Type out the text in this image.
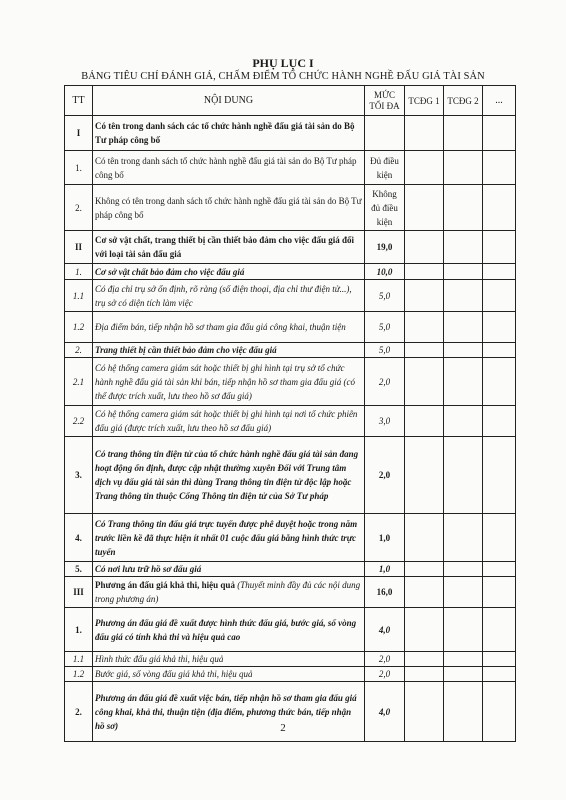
PHỤ LỤC I
BẢNG TIÊU CHÍ ĐÁNH GIÁ, CHẤM ĐIỂM TỔ CHỨC HÀNH NGHỀ ĐẤU GIÁ TÀI SẢN
TT	NỘI DUNG	MỨC TỐI ĐA	TCĐG 1	TCĐG 2	...
I	Có tên trong danh sách các tổ chức hành nghề đấu giá tài sản do Bộ Tư pháp công bố				
1.	Có tên trong danh sách tổ chức hành nghề đấu giá tài sản do Bộ Tư pháp công bố	Đủ điều kiện			
2.	Không có tên trong danh sách tổ chức hành nghề đấu giá tài sản do Bộ Tư pháp công bố	Không đủ điều kiện			
II	Cơ sở vật chất, trang thiết bị cần thiết bảo đảm cho việc đấu giá đối với loại tài sản đấu giá	19,0			
1.	Cơ sở vật chất bảo đảm cho việc đấu giá	10,0			
1.1	Có địa chỉ trụ sở ổn định, rõ ràng (số điện thoại, địa chỉ thư điện tử...), trụ sở có diện tích làm việc	5,0			
1.2	Địa điểm bán, tiếp nhận hồ sơ tham gia đấu giá công khai, thuận tiện	5,0			
2.	Trang thiết bị cần thiết bảo đảm cho việc đấu giá	5,0			
2.1	Có hệ thống camera giám sát hoặc thiết bị ghi hình tại trụ sở tổ chức hành nghề đấu giá tài sản khi bán, tiếp nhận hồ sơ tham gia đấu giá (có thể được trích xuất, lưu theo hồ sơ đấu giá)	2,0			
2.2	Có hệ thống camera giám sát hoặc thiết bị ghi hình tại nơi tổ chức phiên đấu giá (được trích xuất, lưu theo hồ sơ đấu giá)	3,0			
3.	Có trang thông tin điện tử của tổ chức hành nghề đấu giá tài sản đang hoạt động ổn định, được cập nhật thường xuyên Đối với Trung tâm dịch vụ đấu giá tài sản thì dùng Trang thông tin điện tử độc lập hoặc Trang thông tin thuộc Cổng Thông tin điện tử của Sở Tư pháp	2,0			
4.	Có Trang thông tin đấu giá trực tuyến được phê duyệt hoặc trong năm trước liền kề đã thực hiện ít nhất 01 cuộc đấu giá bằng hình thức trực tuyến	1,0			
5.	Có nơi lưu trữ hồ sơ đấu giá	1,0			
III	Phương án đấu giá khả thi, hiệu quả (Thuyết minh đầy đủ các nội dung trong phương án)	16,0			
1.	Phương án đấu giá đề xuất được hình thức đấu giá, bước giá, số vòng đấu giá có tính khả thi và hiệu quả cao	4,0			
1.1	Hình thức đấu giá khả thi, hiệu quả	2,0			
1.2	Bước giá, số vòng đấu giá khả thi, hiệu quả	2,0			
2.	Phương án đấu giá đề xuất việc bán, tiếp nhận hồ sơ tham gia đấu giá công khai, khả thi, thuận tiện (địa điểm, phương thức bán, tiếp nhận hồ sơ)	4,0			
2
